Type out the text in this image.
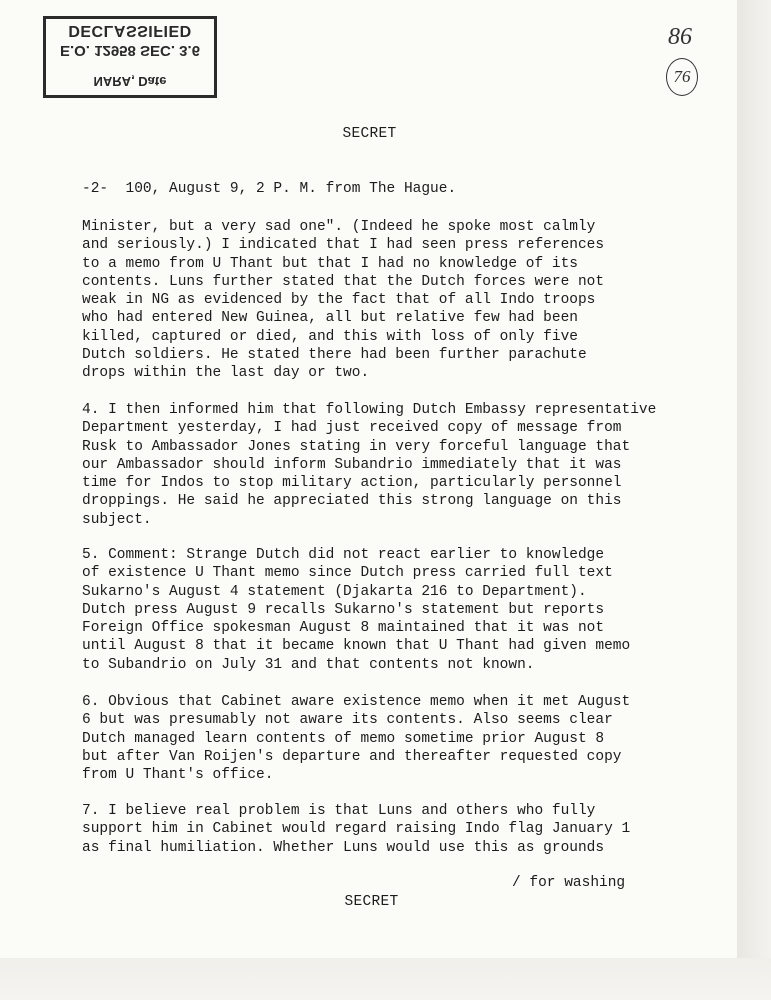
DECLASSIFIED
E.O. 12958 SEC. 3.6
NARA, Date
86
76
SECRET
-2-  100, August 9, 2 P. M. from The Hague.
Minister, but a very sad one". (Indeed he spoke most calmly
and seriously.) I indicated that I had seen press references
to a memo from U Thant but that I had no knowledge of its
contents. Luns further stated that the Dutch forces were not
weak in NG as evidenced by the fact that of all Indo troops
who had entered New Guinea, all but relative few had been
killed, captured or died, and this with loss of only five
Dutch soldiers. He stated there had been further parachute
drops within the last day or two.
4. I then informed him that following Dutch Embassy representative
Department yesterday, I had just received copy of message from
Rusk to Ambassador Jones stating in very forceful language that
our Ambassador should inform Subandrio immediately that it was
time for Indos to stop military action, particularly personnel
droppings. He said he appreciated this strong language on this
subject.
5. Comment: Strange Dutch did not react earlier to knowledge
of existence U Thant memo since Dutch press carried full text
Sukarno's August 4 statement (Djakarta 216 to Department).
Dutch press August 9 recalls Sukarno's statement but reports
Foreign Office spokesman August 8 maintained that it was not
until August 8 that it became known that U Thant had given memo
to Subandrio on July 31 and that contents not known.
6. Obvious that Cabinet aware existence memo when it met August
6 but was presumably not aware its contents. Also seems clear
Dutch managed learn contents of memo sometime prior August 8
but after Van Roijen's departure and thereafter requested copy
from U Thant's office.
7. I believe real problem is that Luns and others who fully
support him in Cabinet would regard raising Indo flag January 1
as final humiliation. Whether Luns would use this as grounds
/ for washing
SECRET
